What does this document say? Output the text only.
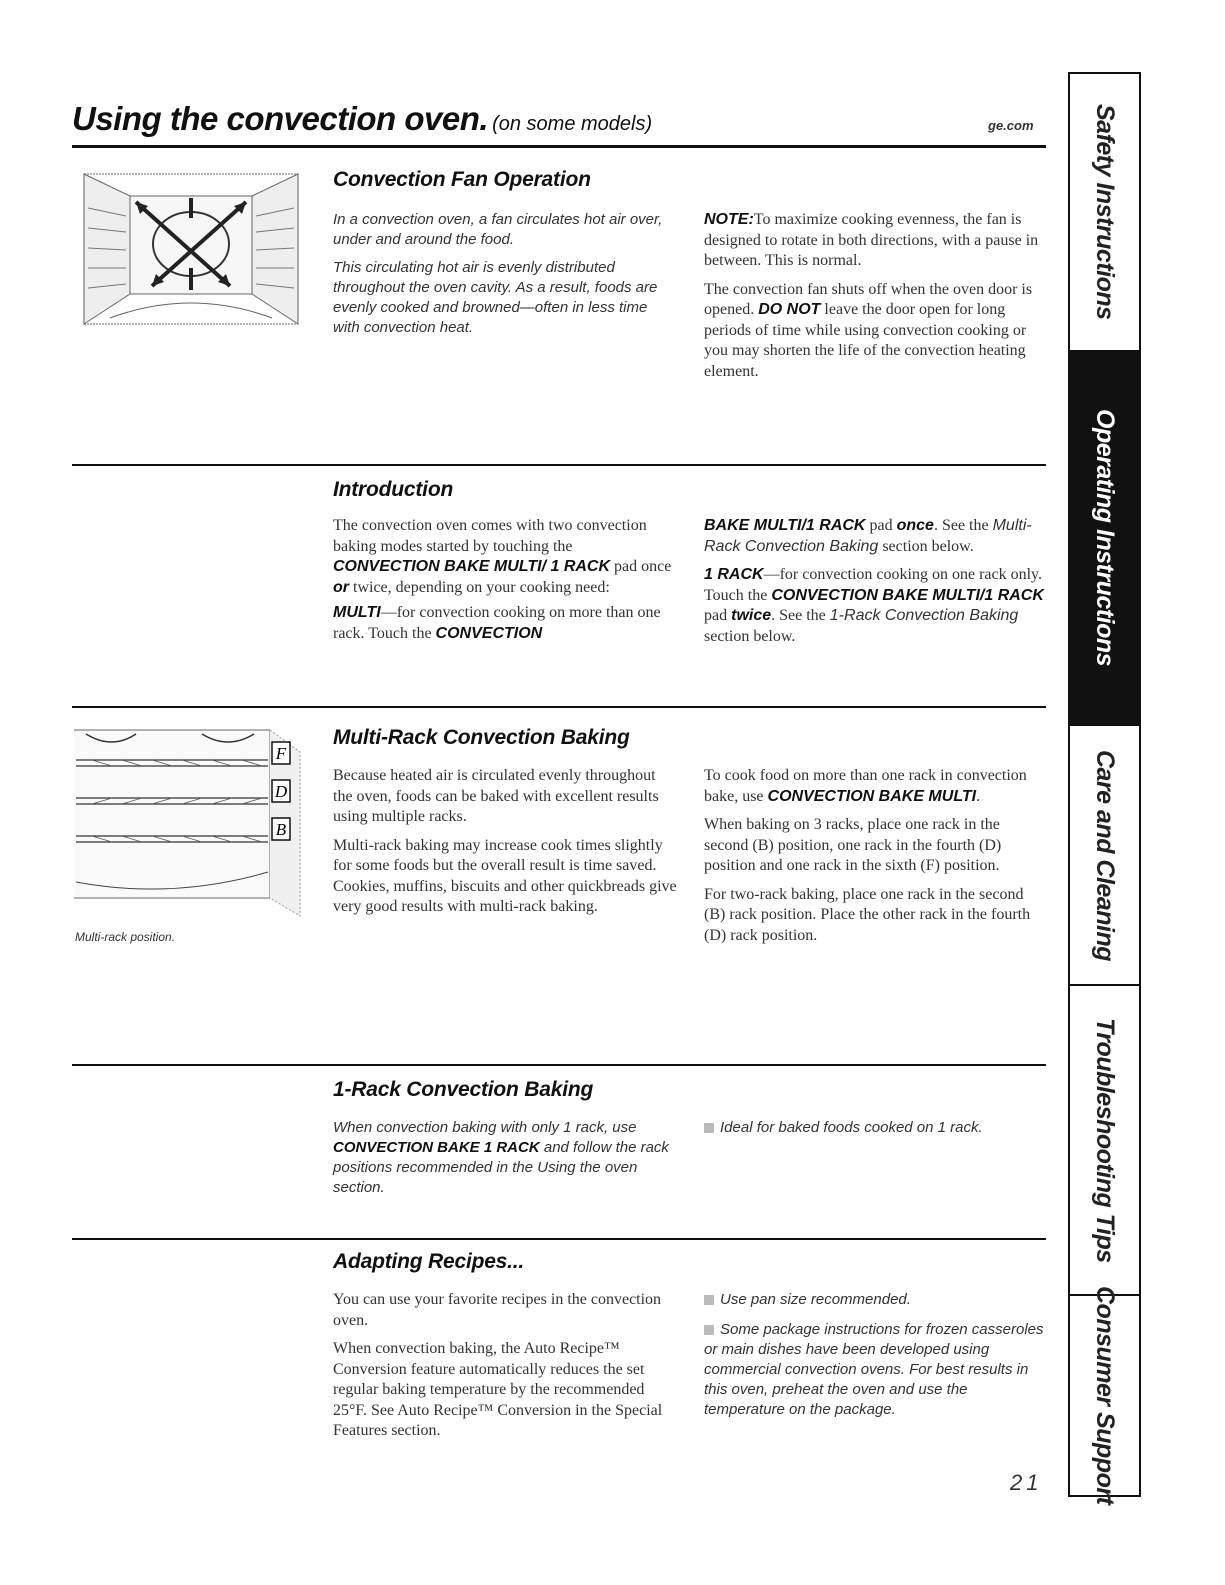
Using the convection oven. (on some models)	ge.com
Convection Fan Operation

In a convection oven, a fan circulates hot air over, under and around the food.

This circulating hot air is evenly distributed throughout the oven cavity. As a result, foods are evenly cooked and browned—often in less time with convection heat.

NOTE:To maximize cooking evenness, the fan is designed to rotate in both directions, with a pause in between. This is normal.

The convection fan shuts off when the oven door is opened. DO NOT leave the door open for long periods of time while using convection cooking or you may shorten the life of the convection heating element.

Introduction

The convection oven comes with two convection baking modes started by touching the CONVECTION BAKE MULTI/ 1 RACK pad once or twice, depending on your cooking need:

MULTI—for convection cooking on more than one rack. Touch the CONVECTION

BAKE MULTI/1 RACK pad once. See the Multi-Rack Convection Baking section below.

1 RACK—for convection cooking on one rack only. Touch the CONVECTION BAKE MULTI/1 RACK pad twice. See the 1-Rack Convection Baking section below.

F
D
B
Multi-rack position.
Multi-Rack Convection Baking

Because heated air is circulated evenly throughout the oven, foods can be baked with excellent results using multiple racks.

Multi-rack baking may increase cook times slightly for some foods but the overall result is time saved. Cookies, muffins, biscuits and other quickbreads give very good results with multi-rack baking.

To cook food on more than one rack in convection bake, use CONVECTION BAKE MULTI.

When baking on 3 racks, place one rack in the second (B) position, one rack in the fourth (D) position and one rack in the sixth (F) position.

For two-rack baking, place one rack in the second (B) rack position. Place the other rack in the fourth (D) rack position.

1-Rack Convection Baking

When convection baking with only 1 rack, use CONVECTION BAKE 1 RACK and follow the rack positions recommended in the Using the oven section.

Ideal for baked foods cooked on 1 rack.

Adapting Recipes...

You can use your favorite recipes in the convection oven.

When convection baking, the Auto Recipe™ Conversion feature automatically reduces the set regular baking temperature by the recommended 25°F. See Auto Recipe™ Conversion in the Special Features section.

Use pan size recommended.

Some package instructions for frozen casseroles or main dishes have been developed using commercial convection ovens. For best results in this oven, preheat the oven and use the temperature on the package.

21
Safety Instructions
Operating Instructions
Care and Cleaning
Troubleshooting Tips
Consumer Support
